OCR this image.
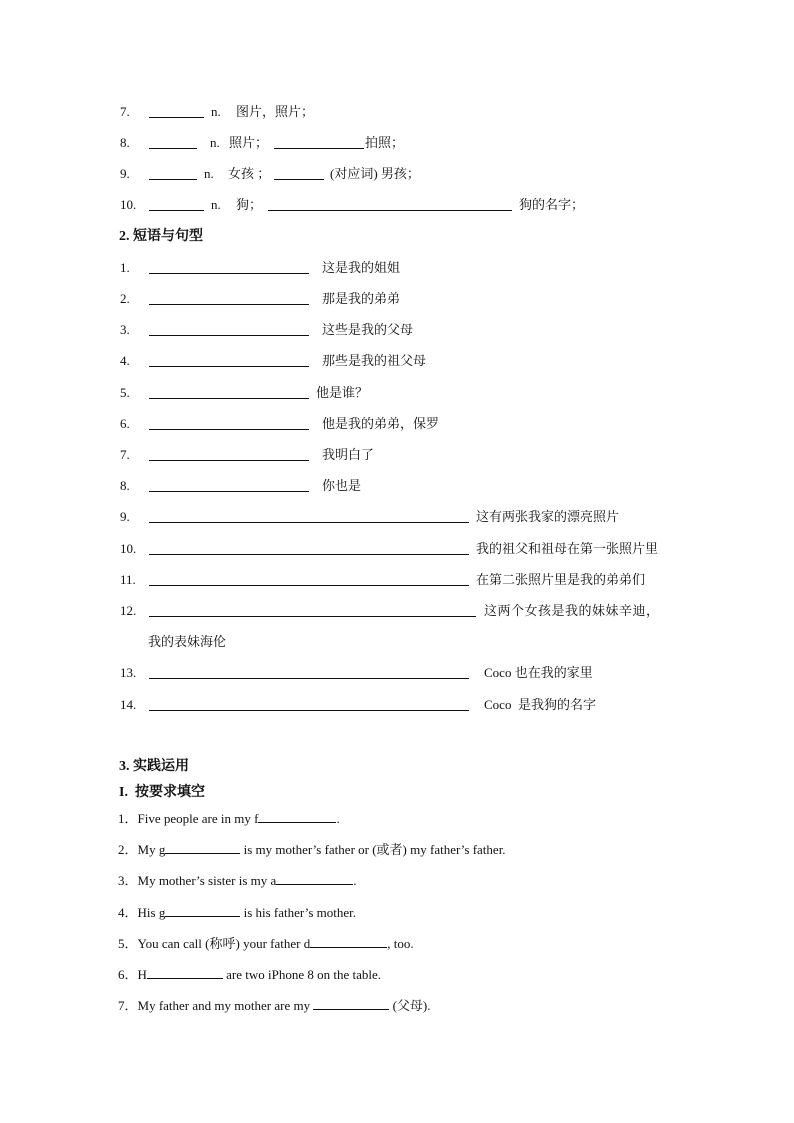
7.	n. 图片，照片；
8.	n. 照片；	拍照；
9.	n. 女孩 ；	(对应词) 男孩；
10.	n. 狗；	狗的名字；
2. 短语与句型
1.	这是我的姐姐
2.	那是我的弟弟
3.	这些是我的父母
4.	那些是我的祖父母
5.	他是谁？
6.	他是我的弟弟，保罗
7.	我明白了
8.	你也是
9.	这有两张我家的漂亮照片
10.	我的祖父和祖母在第一张照片里
11.	在第二张照片里是我的弟弟们
12.	这两个女孩是我的妹妹辛迪，
我的表妹海伦
13.	Coco 也在我的家里
14.	Coco  是我狗的名字
3. 实践运用
I.  按要求填空
1．Five people are in my f	.
2．My g	is my mother’s father or (或者) my father’s father.
3．My mother’s sister is my a	.
4．His g	is his father’s mother.
5．You can call (称呼) your father d	, too.
6．H	are two iPhone 8 on the table.
7．My father and my mother are my	(父母).
